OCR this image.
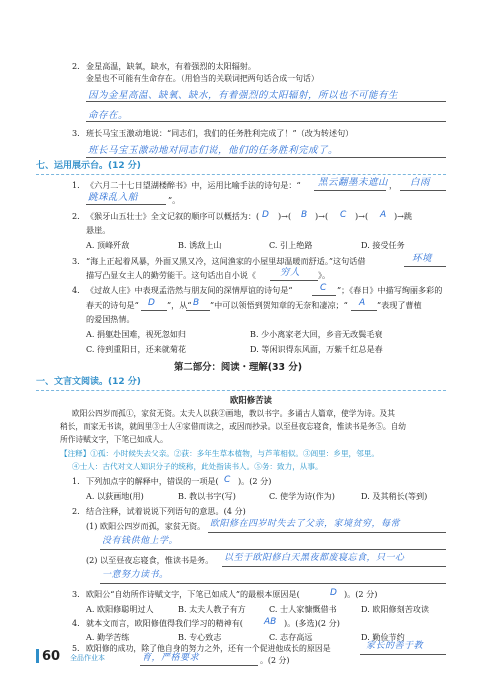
2. 金星高温，缺氧，缺水，有着强烈的太阳辐射。
金星也不可能有生命存在。（用恰当的关联词把两句话合成一句话）
因为金星高温、缺氧、缺水，有着强烈的太阳辐射，所以也不可能有生
命存在。
3. 班长马宝玉激动地说：“同志们，我们的任务胜利完成了！”（改为转述句）
班长马宝玉激动地对同志们说，他们的任务胜利完成了。
七、运用展示台。(12 分)
1. 《六月二十七日望湖楼醉书》中，运用比喻手法的诗句是：“ 黑云翻墨未遮山 ， 白雨
跳珠乱入船	”。
2. 《猴牙山五壮士》全文记叙的顺序可以概括为：( D )→( B )→( C )→( A )→跳
悬崖。
A. 顶峰歼敌	B. 诱敌上山	C. 引上绝路	D. 接受任务
3. “海上正起着风暴，外面又黑又冷，这间渔家的小屋里却温暖而舒适。”这句话借	环境
描写凸显女主人的勤劳能干。这句话出自小说《	穷人 》。
4. 《过故人庄》中表现孟浩然与朋友间的深情厚谊的诗句是“	C ”；《春日》中描写绚丽多彩的
春天的诗句是“ D ”，从“ B ”中可以领悟到贺知章的无奈和凄凉；“ A ”表现了曹植
的爱国热情。
A. 捐躯赴国难，视死忽如归	B. 少小离家老大回，乡音无改鬓毛衰
C. 待到重阳日，还来就菊花	D. 等闲识得东风面，万紫千红总是春
第二部分：阅读・理解(33 分)
一、文言文阅读。(12 分)
欧阳修苦读
欧阳公四岁而孤①，家贫无资。太夫人以荻②画地，教以书字。多诵古人篇章，使学为诗。及其
稍长，而家无书读，就闾里③士人④家借而读之，或因而抄录。以至昼夜忘寝食，惟读书是务⑤。自幼
所作诗赋文字，下笔已如成人。
【注释】①孤：小时候失去父亲。②荻：多年生草本植物，与芦苇相似。③闾里：乡里，邻里。
④士人：古代对文人知识分子的统称，此处指读书人。⑤务：致力，从事。
1. 下列加点字的解释中，错误的一项是( C )。(2 分)
A. 以荻画地(用)	B. 教以书字(写)	C. 使学为诗(作为)	D. 及其稍长(等到)
2. 结合注释，试着说说下列语句的意思。(4 分)
(1) 欧阳公四岁而孤，家贫无资。 欧阳修在四岁时失去了父亲，家境贫穷，每常
没有钱供他上学。
(2) 以至昼夜忘寝食，惟读书是务。 以至于欧阳修白天黑夜都废寝忘食，只一心
一意努力读书。
3. 欧阳公“自幼所作诗赋文字，下笔已如成人”的最根本原因是(	D )。(2 分)
A. 欧阳修聪明过人	B. 太夫人教子有方	C. 士人家慷慨借书	D. 欧阳修刻苦攻读
4. 就本文而言，欧阳修值得我们学习的精神有( AB )。(多选)(2 分)
A. 勤学苦练	B. 专心致志	C. 志存高远	D. 勤俭节约
5. 欧阳修的成功，除了他自身的努力之外，还有一个促进他成长的原因是	家长的善于教
60 全品作业本	育，严格要求	。(2 分)
